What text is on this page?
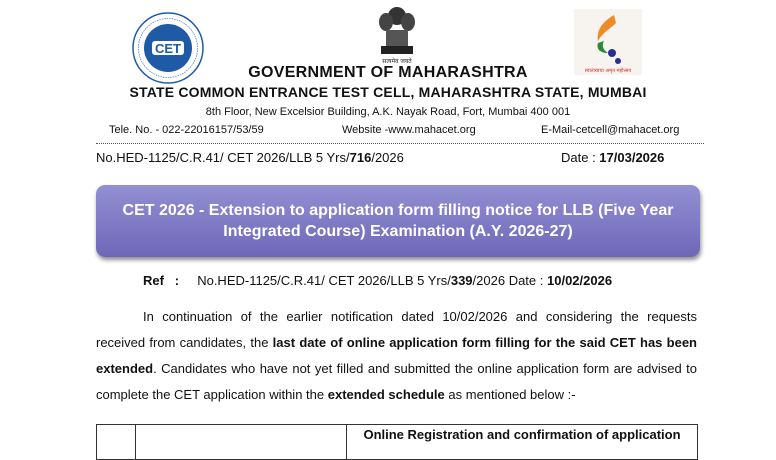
CET
सत्यमेव जयते
स्वातंत्र्याचा अमृत महोत्सव
GOVERNMENT OF MAHARASHTRA
STATE COMMON ENTRANCE TEST CELL, MAHARASHTRA STATE, MUMBAI
8th Floor, New Excelsior Building, A.K. Nayak Road, Fort, Mumbai 400 001
Tele. No. - 022-22016157/53/59	Website -www.mahacet.org	E-Mail-cetcell@mahacet.org
No.HED-1125/C.R.41/ CET 2026/LLB 5 Yrs/716/2026	Date : 17/03/2026
CET 2026 - Extension to application form filling notice for LLB (Five Year Integrated Course) Examination (A.Y. 2026-27)
Ref : No.HED-1125/C.R.41/ CET 2026/LLB 5 Yrs/339/2026 Date : 10/02/2026
In continuation of the earlier notification dated 10/02/2026 and considering the requests received from candidates, the last date of online application form filling for the said CET has been extended. Candidates who have not yet filled and submitted the online application form are advised to complete the CET application within the extended schedule as mentioned below :-
		Online Registration and confirmation of application
